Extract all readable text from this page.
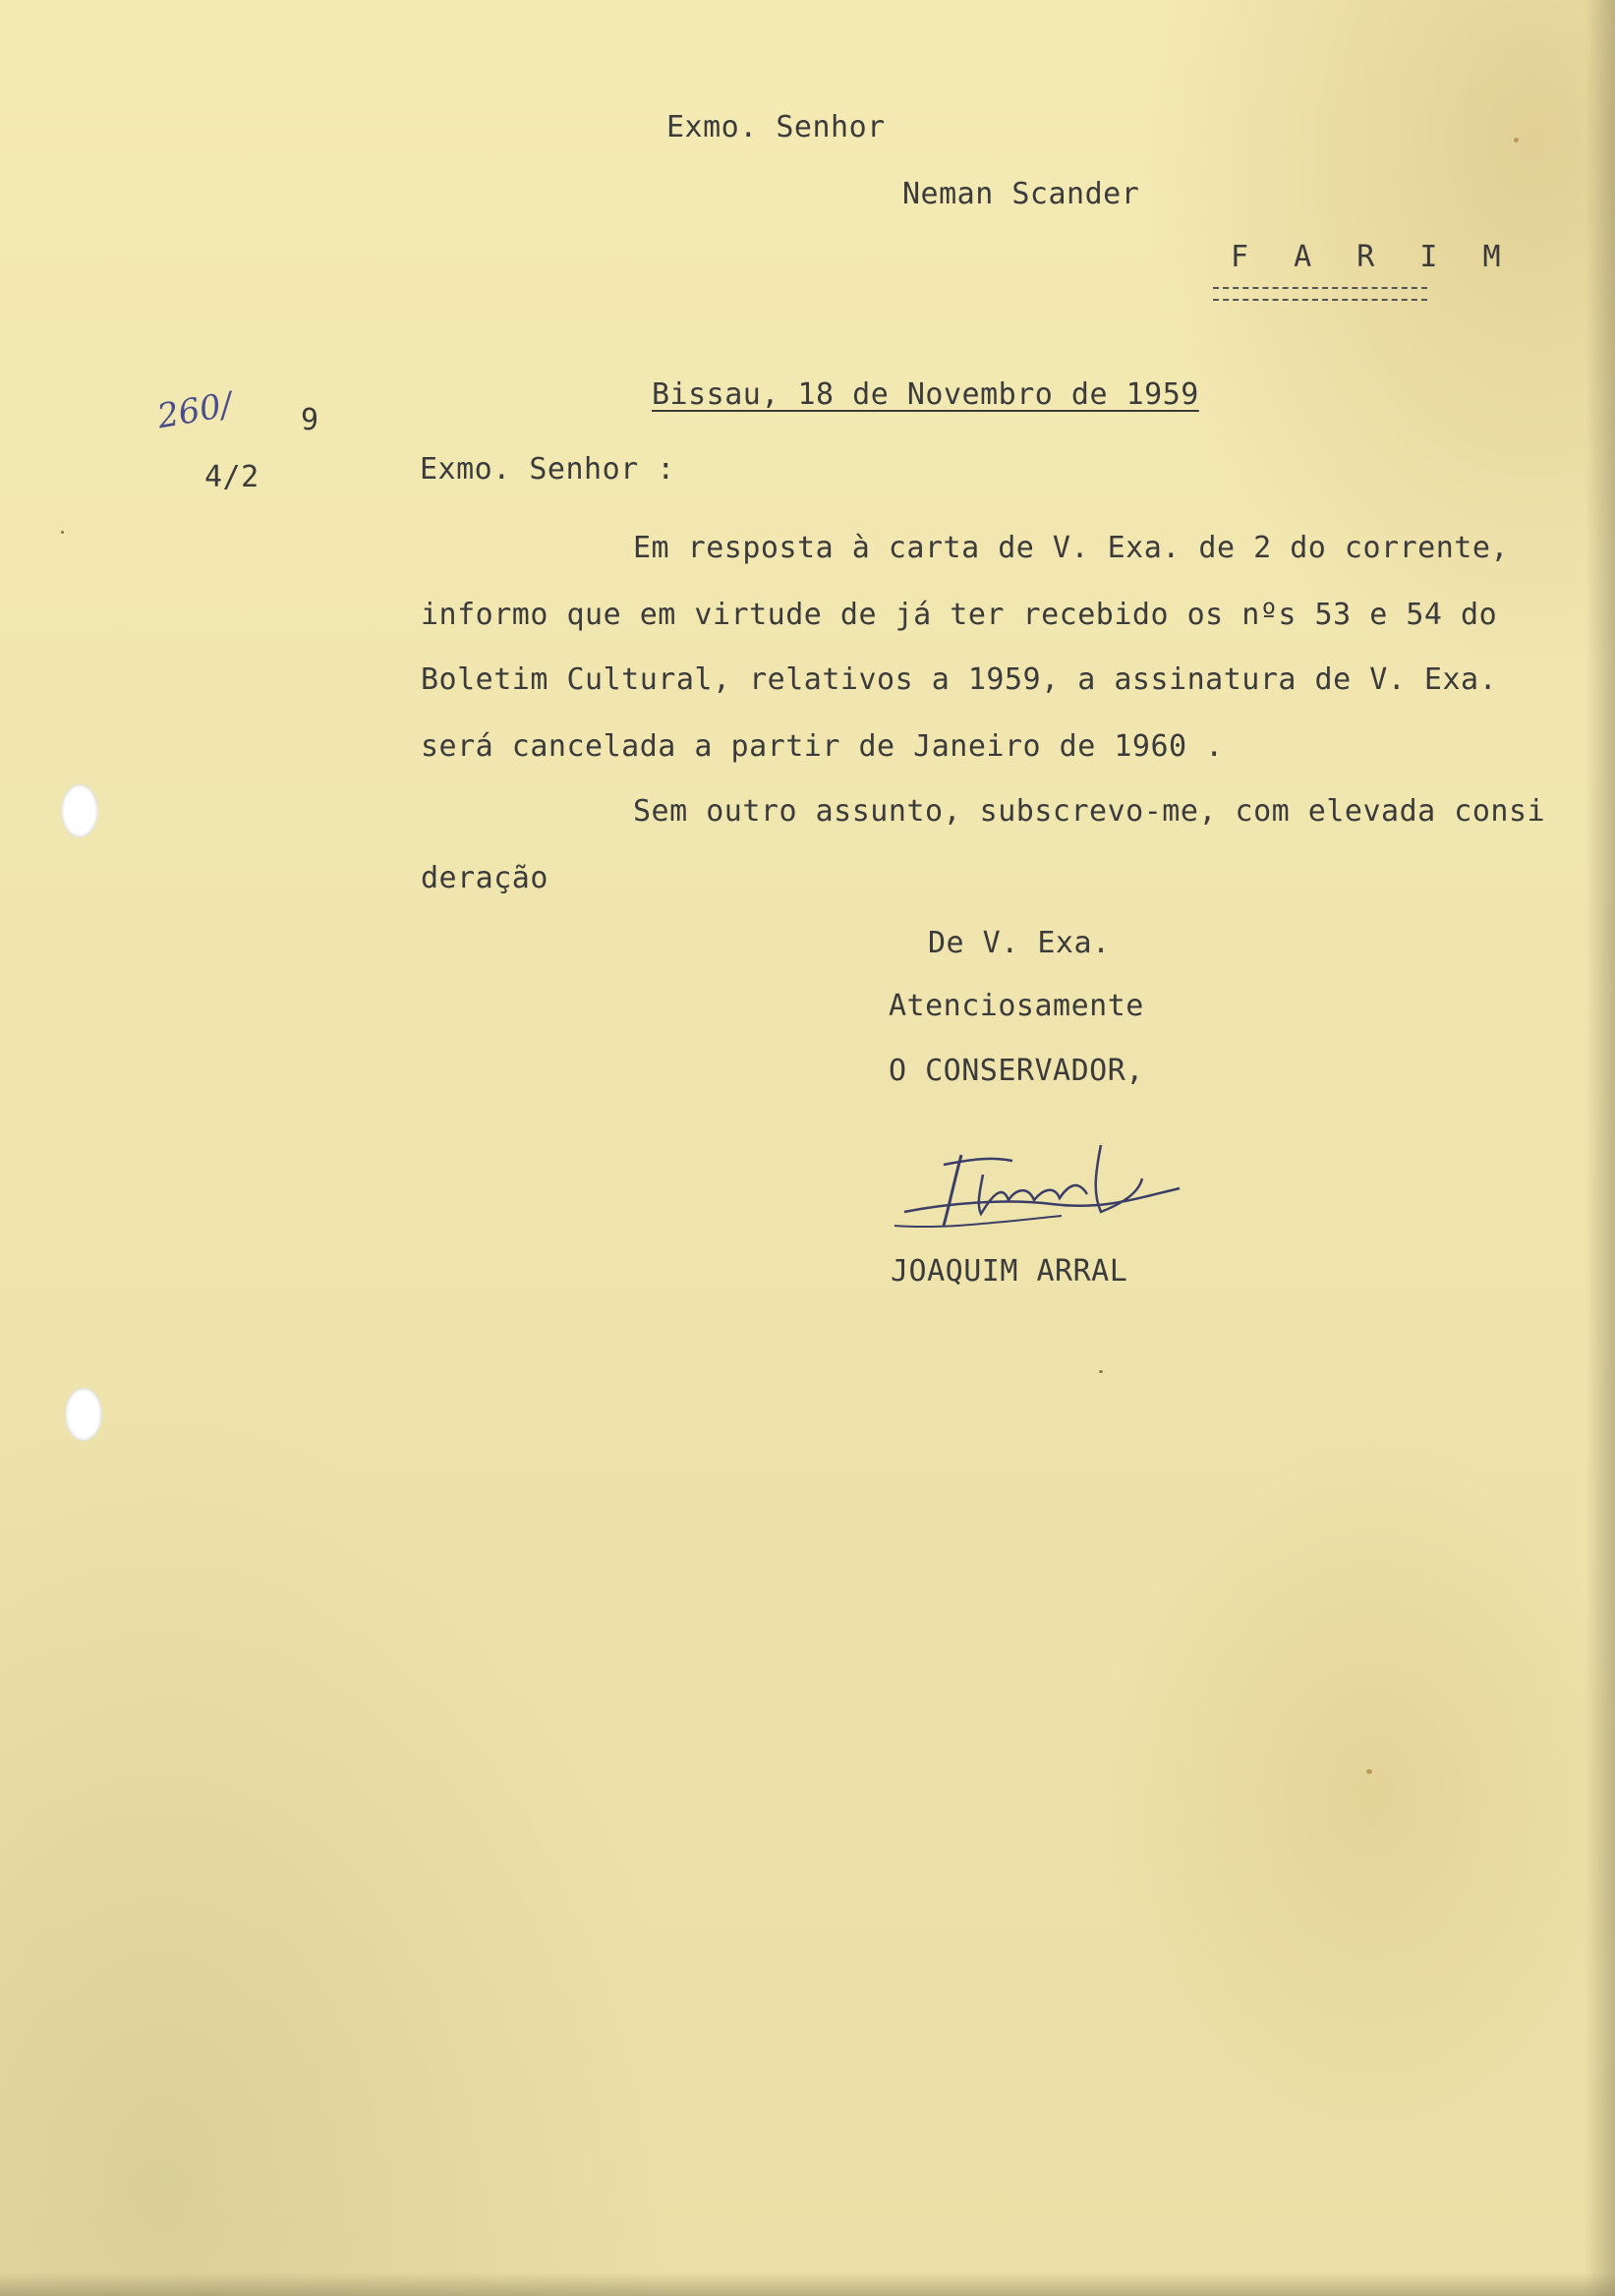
Exmo. Senhor
Neman Scander
F A R I M
Bissau, 18 de Novembro de 1959
260/ 9
4/2	Exmo. Senhor :
Em resposta à carta de V. Exa. de 2 do corrente,
informo que em virtude de já ter recebido os nºs 53 e 54 do
Boletim Cultural, relativos a 1959, a assinatura de V. Exa.
será cancelada a partir de Janeiro de 1960 .
Sem outro assunto, subscrevo-me, com elevada consi
deração
De V. Exa.
Atenciosamente
O CONSERVADOR,
JOAQUIM ARRAL
